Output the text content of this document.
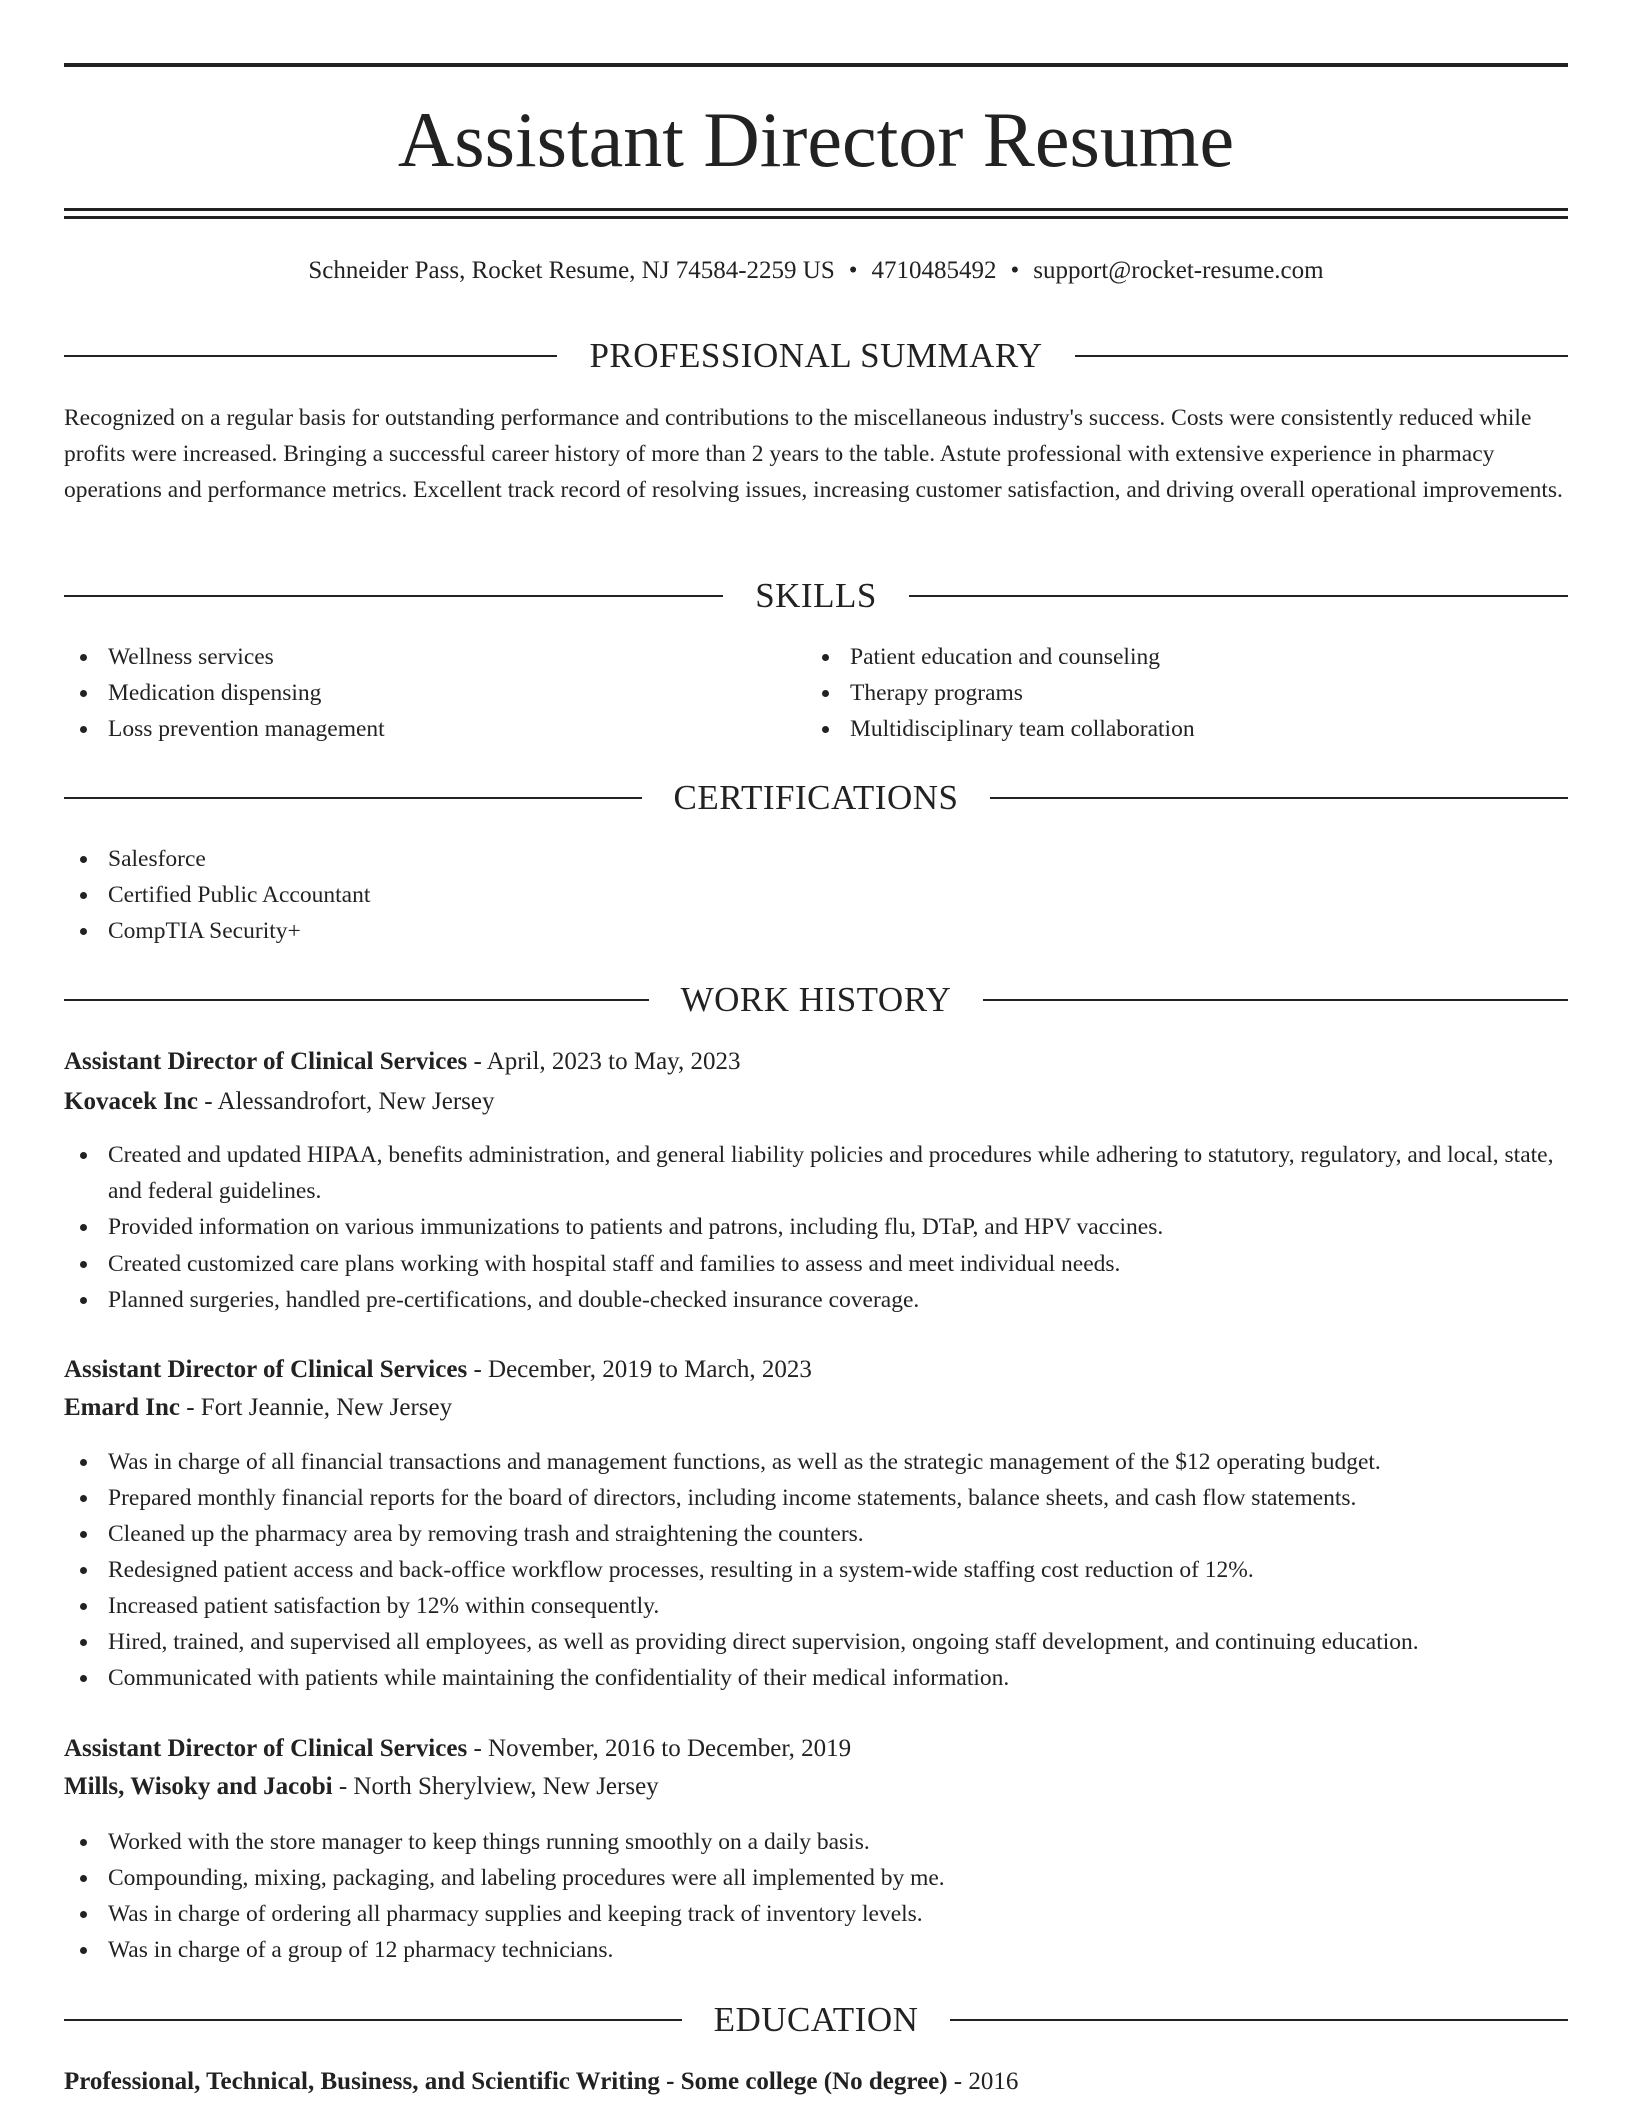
Assistant Director Resume
Schneider Pass, Rocket Resume, NJ 74584-2259 US • 4710485492 • support@rocket-resume.com
PROFESSIONAL SUMMARY
Recognized on a regular basis for outstanding performance and contributions to the miscellaneous industry's success. Costs were consistently reduced while profits were increased. Bringing a successful career history of more than 2 years to the table. Astute professional with extensive experience in pharmacy operations and performance metrics. Excellent track record of resolving issues, increasing customer satisfaction, and driving overall operational improvements.
SKILLS
Wellness services
Medication dispensing
Loss prevention management
Patient education and counseling
Therapy programs
Multidisciplinary team collaboration
CERTIFICATIONS
Salesforce
Certified Public Accountant
CompTIA Security+
WORK HISTORY
Assistant Director of Clinical Services - April, 2023 to May, 2023
Kovacek Inc - Alessandrofort, New Jersey
Created and updated HIPAA, benefits administration, and general liability policies and procedures while adhering to statutory, regulatory, and local, state, and federal guidelines.
Provided information on various immunizations to patients and patrons, including flu, DTaP, and HPV vaccines.
Created customized care plans working with hospital staff and families to assess and meet individual needs.
Planned surgeries, handled pre-certifications, and double-checked insurance coverage.
Assistant Director of Clinical Services - December, 2019 to March, 2023
Emard Inc - Fort Jeannie, New Jersey
Was in charge of all financial transactions and management functions, as well as the strategic management of the $12 operating budget.
Prepared monthly financial reports for the board of directors, including income statements, balance sheets, and cash flow statements.
Cleaned up the pharmacy area by removing trash and straightening the counters.
Redesigned patient access and back-office workflow processes, resulting in a system-wide staffing cost reduction of 12%.
Increased patient satisfaction by 12% within consequently.
Hired, trained, and supervised all employees, as well as providing direct supervision, ongoing staff development, and continuing education.
Communicated with patients while maintaining the confidentiality of their medical information.
Assistant Director of Clinical Services - November, 2016 to December, 2019
Mills, Wisoky and Jacobi - North Sherylview, New Jersey
Worked with the store manager to keep things running smoothly on a daily basis.
Compounding, mixing, packaging, and labeling procedures were all implemented by me.
Was in charge of ordering all pharmacy supplies and keeping track of inventory levels.
Was in charge of a group of 12 pharmacy technicians.
EDUCATION
Professional, Technical, Business, and Scientific Writing - Some college (No degree) - 2016
